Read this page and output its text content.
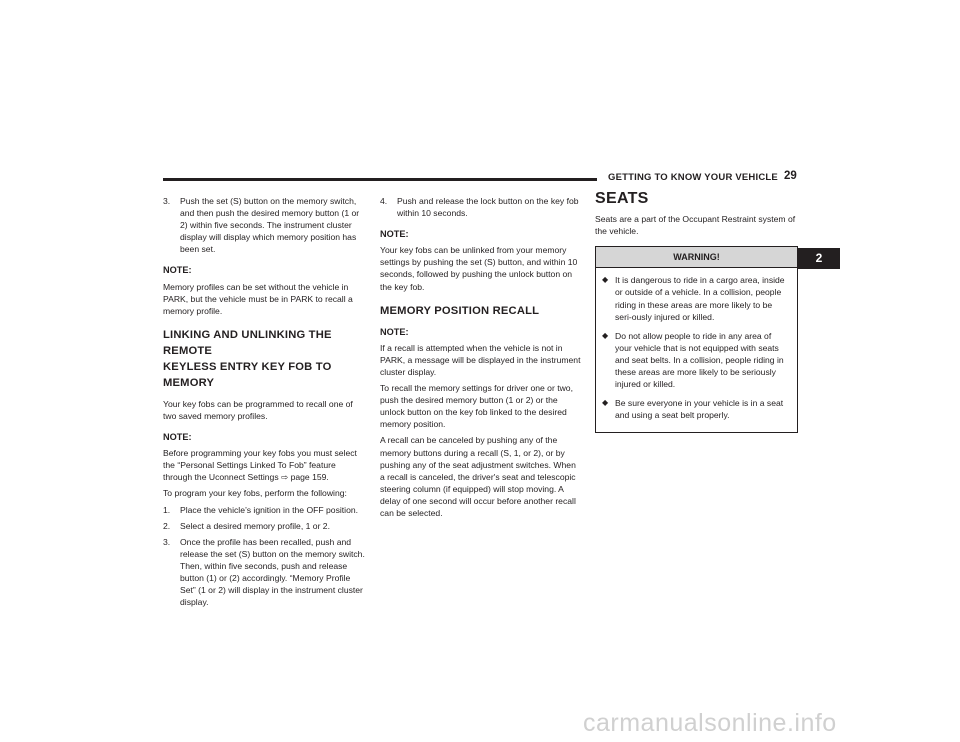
GETTING TO KNOW YOUR VEHICLE 29
3. Push the set (S) button on the memory switch, and then push the desired memory button (1 or 2) within five seconds. The instrument cluster display will display which memory position has been set.

NOTE:

Memory profiles can be set without the vehicle in PARK, but the vehicle must be in PARK to recall a memory profile.

LINKING AND UNLINKING THE REMOTE
KEYLESS ENTRY KEY FOB TO MEMORY

Your key fobs can be programmed to recall one of two saved memory profiles.

NOTE:

Before programming your key fobs you must select the “Personal Settings Linked To Fob” feature through the Uconnect Settings ⇨ page 159.

To program your key fobs, perform the following:

1. Place the vehicle’s ignition in the OFF position.
2. Select a desired memory profile, 1 or 2.
3. Once the profile has been recalled, push and release the set (S) button on the memory switch. Then, within five seconds, push and release button (1) or (2) accordingly. “Memory Profile Set” (1 or 2) will display in the instrument cluster display.
4. Push and release the lock button on the key fob within 10 seconds.

NOTE:

Your key fobs can be unlinked from your memory settings by pushing the set (S) button, and within 10 seconds, followed by pushing the unlock button on the key fob.

MEMORY POSITION RECALL

NOTE:

If a recall is attempted when the vehicle is not in PARK, a message will be displayed in the instrument cluster display.

To recall the memory settings for driver one or two, push the desired memory button (1 or 2) or the unlock button on the key fob linked to the desired memory position.

A recall can be canceled by pushing any of the memory buttons during a recall (S, 1, or 2), or by pushing any of the seat adjustment switches. When a recall is canceled, the driver's seat and telescopic steering column (if equipped) will stop moving. A delay of one second will occur before another recall can be selected.

SEATS

Seats are a part of the Occupant Restraint system of the vehicle.

WARNING!
◆ It is dangerous to ride in a cargo area, inside or outside of a vehicle. In a collision, people riding in these areas are more likely to be seri-ously injured or killed.
◆ Do not allow people to ride in any area of your vehicle that is not equipped with seats and seat belts. In a collision, people riding in these areas are more likely to be seriously injured or killed.
◆ Be sure everyone in your vehicle is in a seat and using a seat belt properly.
2
carmanualsonline.info
